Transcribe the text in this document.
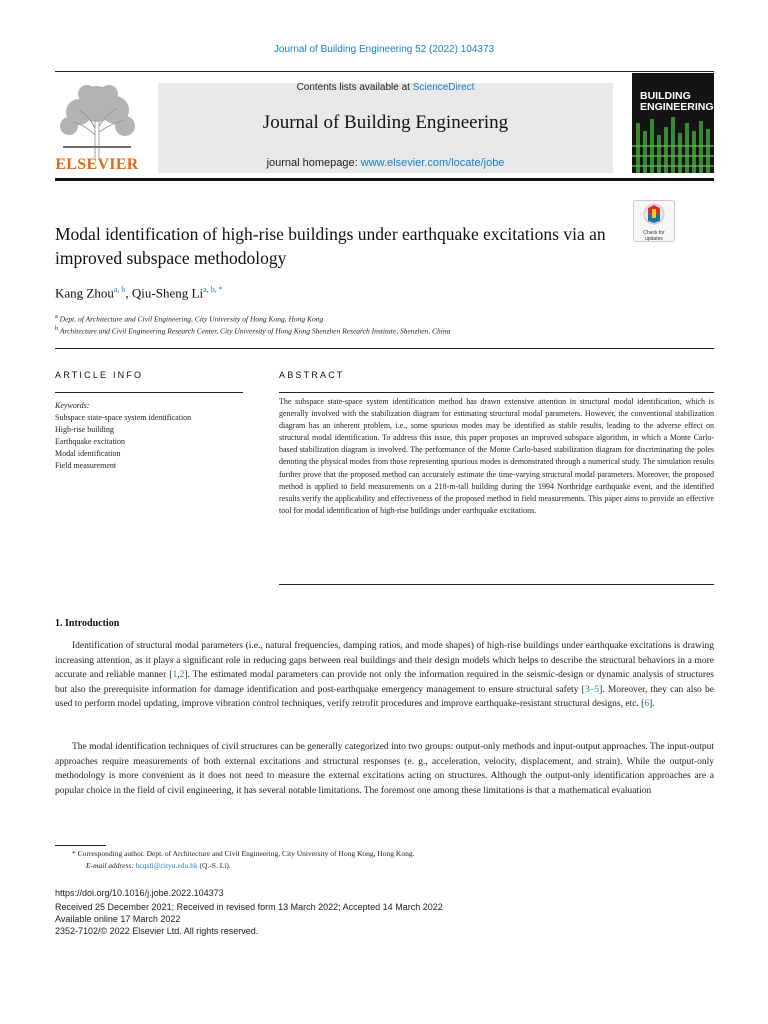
Journal of Building Engineering 52 (2022) 104373
ELSEVIER
Contents lists available at ScienceDirect
Journal of Building Engineering
journal homepage: www.elsevier.com/locate/jobe
BUILDING
ENGINEERING
Modal identification of high-rise buildings under earthquake excitations via an improved subspace methodology
Check for
updates
Kang Zhou$^{a, b}$, Qiu-Sheng $Li^{a, b, *}$
$^a$ Dept. of Architecture and Civil Engineering, City University of Hong Kong, Hong Kong
$^b$ Architecture and Civil Engineering Research Center, City University of Hong Kong Shenzhen Research Institute, Shenzhen, China
ARTICLE INFO	ABSTRACT
Keywords:
Subspace state-space system identification
High-rise building
Earthquake excitation
Modal identification
Field measurement
The subspace state-space system identification method has drawn extensive attention in structural modal identification, which is generally involved with the stabilization diagram for estimating structural modal parameters. However, the conventional stabilization diagram has an inherent problem, i.e., some spurious modes may be identified as stable results, leading to the adverse effect on structural modal identification. To address this issue, this paper proposes an improved subspace algorithm, in which a Monte Carlo-based stabilization diagram is involved. The performance of the Monte Carlo-based stabilization diagram for discriminating the poles denoting the physical modes from those representing spurious modes is demonstrated through a numerical study. The simulation results further prove that the proposed method can accurately estimate the time-varying structural modal parameters. Moreover, the proposed method is applied to field measurements on a 218-m-tall building during the 1994 Northridge earthquake event, and the identified results verify the applicability and effectiveness of the proposed method in field measurements. This paper aims to provide an effective tool for modal identification of high-rise buildings under earthquake excitations.
1. Introduction
Identification of structural modal parameters (i.e., natural frequencies, damping ratios, and mode shapes) of high-rise buildings under earthquake excitations is drawing increasing attention, as it plays a significant role in reducing gaps between real buildings and their design models which helps to describe the structural behaviors in a more accurate and reliable manner [1,2]. The estimated modal parameters can provide not only the information required in the seismic-design or dynamic analysis of structures but also the prerequisite information for damage identification and post-earthquake emergency management to ensure structural safety [3–5]. Moreover, they can also be used to perform model updating, improve vibration control techniques, verify retrofit procedures and improve earthquake-resistant structural designs, etc. [6].
The modal identification techniques of civil structures can be generally categorized into two groups: output-only methods and input-output approaches. The input-output approaches require measurements of both external excitations and structural responses (e. g., acceleration, velocity, displacement, and strain). While the output-only methodology is more convenient as it does not need to measure the external excitations acting on structures. Although the output-only identification approaches are a popular choice in the field of civil engineering, it has several notable limitations. The foremost one among these limitations is that a mathematical evaluation
* Corresponding author. Dept. of Architecture and Civil Engineering, City University of Hong Kong, Hong Kong.
E-mail address: bcqsli@cityu.edu.hk (Q.-S. Li).
https://doi.org/10.1016/j.jobe.2022.104373
Received 25 December 2021; Received in revised form 13 March 2022; Accepted 14 March 2022
Available online 17 March 2022
2352-7102/© 2022 Elsevier Ltd. All rights reserved.
